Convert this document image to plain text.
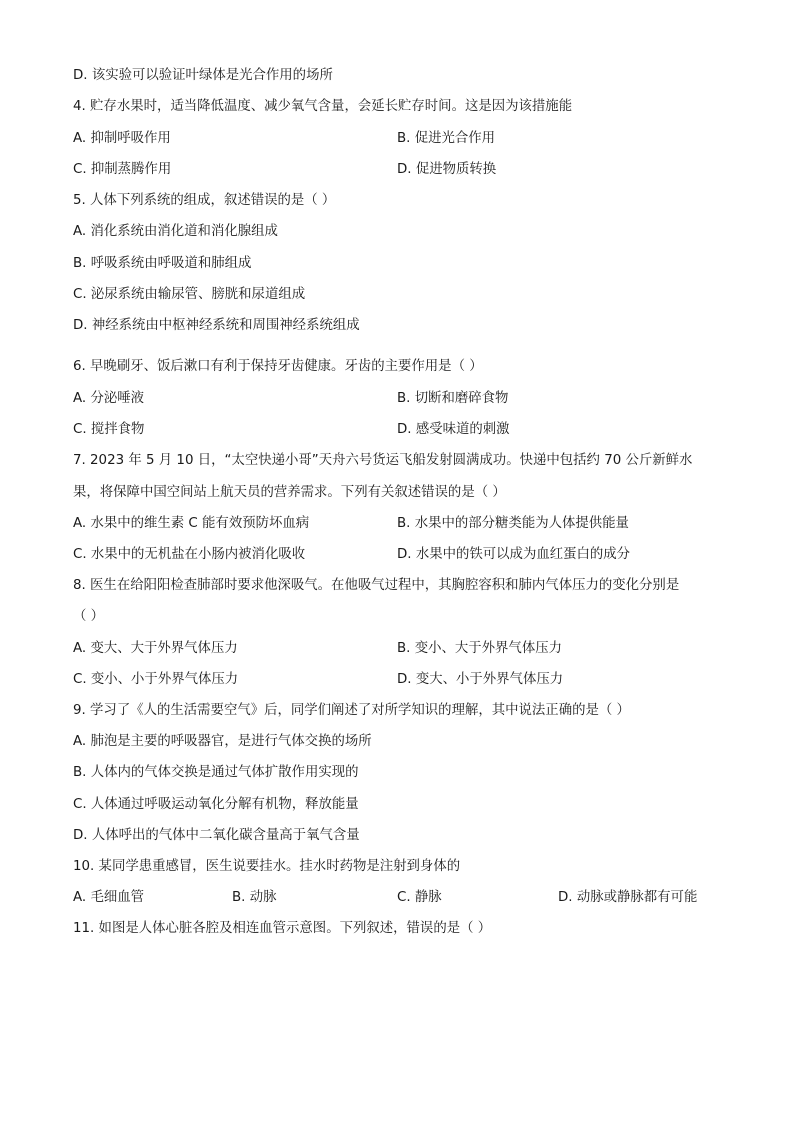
D. 该实验可以验证叶绿体是光合作用的场所
4. 贮存水果时，适当降低温度、减少氧气含量，会延长贮存时间。这是因为该措施能
A. 抑制呼吸作用	B. 促进光合作用
C. 抑制蒸腾作用	D. 促进物质转换
5. 人体下列系统的组成，叙述错误的是（ ）
A. 消化系统由消化道和消化腺组成
B. 呼吸系统由呼吸道和肺组成
C. 泌尿系统由输尿管、膀胱和尿道组成
D. 神经系统由中枢神经系统和周围神经系统组成
6. 早晚刷牙、饭后漱口有利于保持牙齿健康。牙齿的主要作用是（ ）
A. 分泌唾液	B. 切断和磨碎食物
C. 搅拌食物	D. 感受味道的刺激
7. 2023 年 5 月 10 日，“太空快递小哥”天舟六号货运飞船发射圆满成功。快递中包括约 70 公斤新鲜水
果，将保障中国空间站上航天员的营养需求。下列有关叙述错误的是（ ）
A. 水果中的维生素 C 能有效预防坏血病	B. 水果中的部分糖类能为人体提供能量
C. 水果中的无机盐在小肠内被消化吸收	D. 水果中的铁可以成为血红蛋白的成分
8. 医生在给阳阳检查肺部时要求他深吸气。在他吸气过程中，其胸腔容积和肺内气体压力的变化分别是
（ ）
A. 变大、大于外界气体压力	B. 变小、大于外界气体压力
C. 变小、小于外界气体压力	D. 变大、小于外界气体压力
9. 学习了《人的生活需要空气》后，同学们阐述了对所学知识的理解，其中说法正确的是（ ）
A. 肺泡是主要的呼吸器官，是进行气体交换的场所
B. 人体内的气体交换是通过气体扩散作用实现的
C. 人体通过呼吸运动氧化分解有机物，释放能量
D. 人体呼出的气体中二氧化碳含量高于氧气含量
10. 某同学患重感冒，医生说要挂水。挂水时药物是注射到身体的
A. 毛细血管	B. 动脉	C. 静脉	D. 动脉或静脉都有可能
11. 如图是人体心脏各腔及相连血管示意图。下列叙述，错误的是（ ）
